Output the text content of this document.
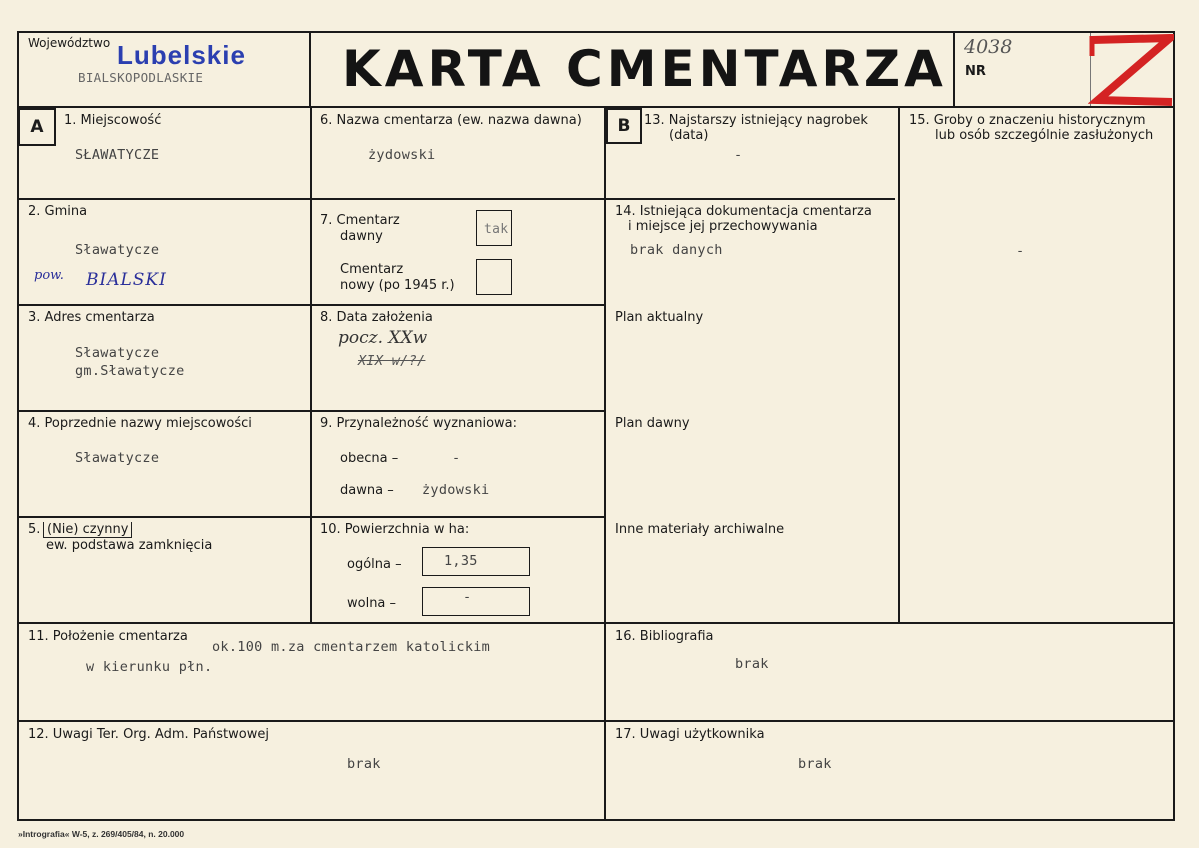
Województwo Lubelskie
BIALSKOPODLASKIE	KARTA CMENTARZA 4038
NR
A	1. Miejscowość
SŁAWATYCZE
2. Gmina
Sławatycze
pow. BIALSKI
3. Adres cmentarza
Sławatycze
gm.Sławatycze
4. Poprzednie nazwy miejscowości
Sławatycze
5. (Nie) czynny
ew. podstawa zamknięcia
6. Nazwa cmentarza (ew. nazwa dawna)
żydowski
7. Cmentarz
dawny	tak
Cmentarz
nowy (po 1945 r.)
8. Data założenia
pocz. XXw
XIX w/?/
9. Przynależność wyznaniowa:
obecna –	-
dawna – żydowski
10. Powierzchnia w ha:
ogólna –	1,35
wolna –	-
B	13. Najstarszy istniejący nagrobek
(data)
-
14. Istniejąca dokumentacja cmentarza
i miejsce jej przechowywania
brak danych
Plan aktualny
Plan dawny
Inne materiały archiwalne
15. Groby o znaczeniu historycznym
lub osób szczególnie zasłużonych
-
11. Położenie cmentarza
ok.100 m.za cmentarzem katolickim
w kierunku płn.
16. Bibliografia
brak
12. Uwagi Ter. Org. Adm. Państwowej
brak
17. Uwagi użytkownika
brak
»Intrografia« W-5, z. 269/405/84, n. 20.000
